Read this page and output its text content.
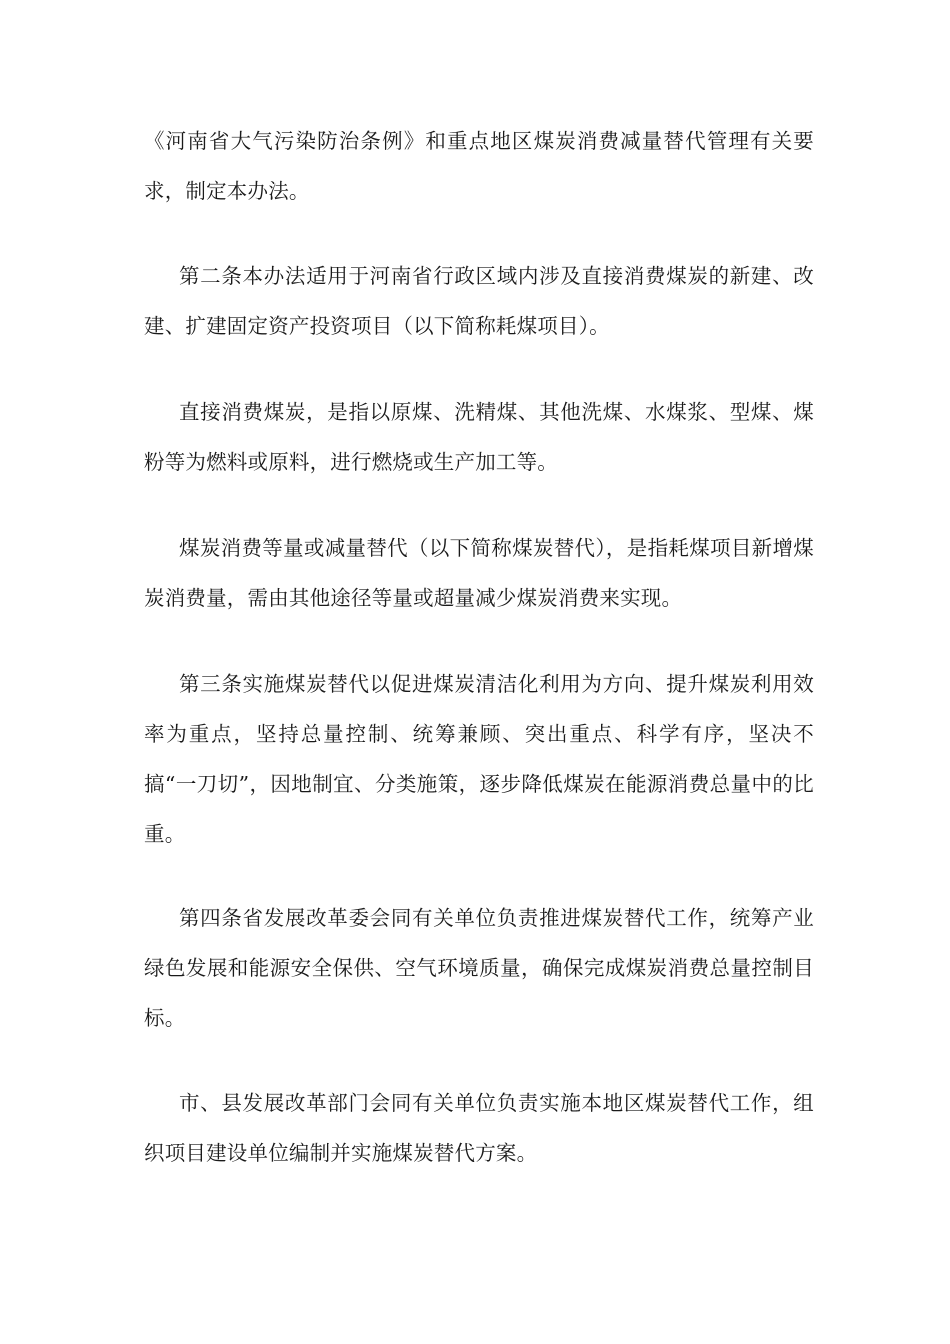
《河南省大气污染防治条例》和重点地区煤炭消费减量替代管理有关要求，制定本办法。

第二条本办法适用于河南省行政区域内涉及直接消费煤炭的新建、改建、扩建固定资产投资项目（以下简称耗煤项目）。

直接消费煤炭，是指以原煤、洗精煤、其他洗煤、水煤浆、型煤、煤粉等为燃料或原料，进行燃烧或生产加工等。

煤炭消费等量或减量替代（以下简称煤炭替代），是指耗煤项目新增煤炭消费量，需由其他途径等量或超量减少煤炭消费来实现。

第三条实施煤炭替代以促进煤炭清洁化利用为方向、提升煤炭利用效率为重点，坚持总量控制、统筹兼顾、突出重点、科学有序，坚决不搞“一刀切”，因地制宜、分类施策，逐步降低煤炭在能源消费总量中的比重。

第四条省发展改革委会同有关单位负责推进煤炭替代工作，统筹产业绿色发展和能源安全保供、空气环境质量，确保完成煤炭消费总量控制目标。

市、县发展改革部门会同有关单位负责实施本地区煤炭替代工作，组织项目建设单位编制并实施煤炭替代方案。
